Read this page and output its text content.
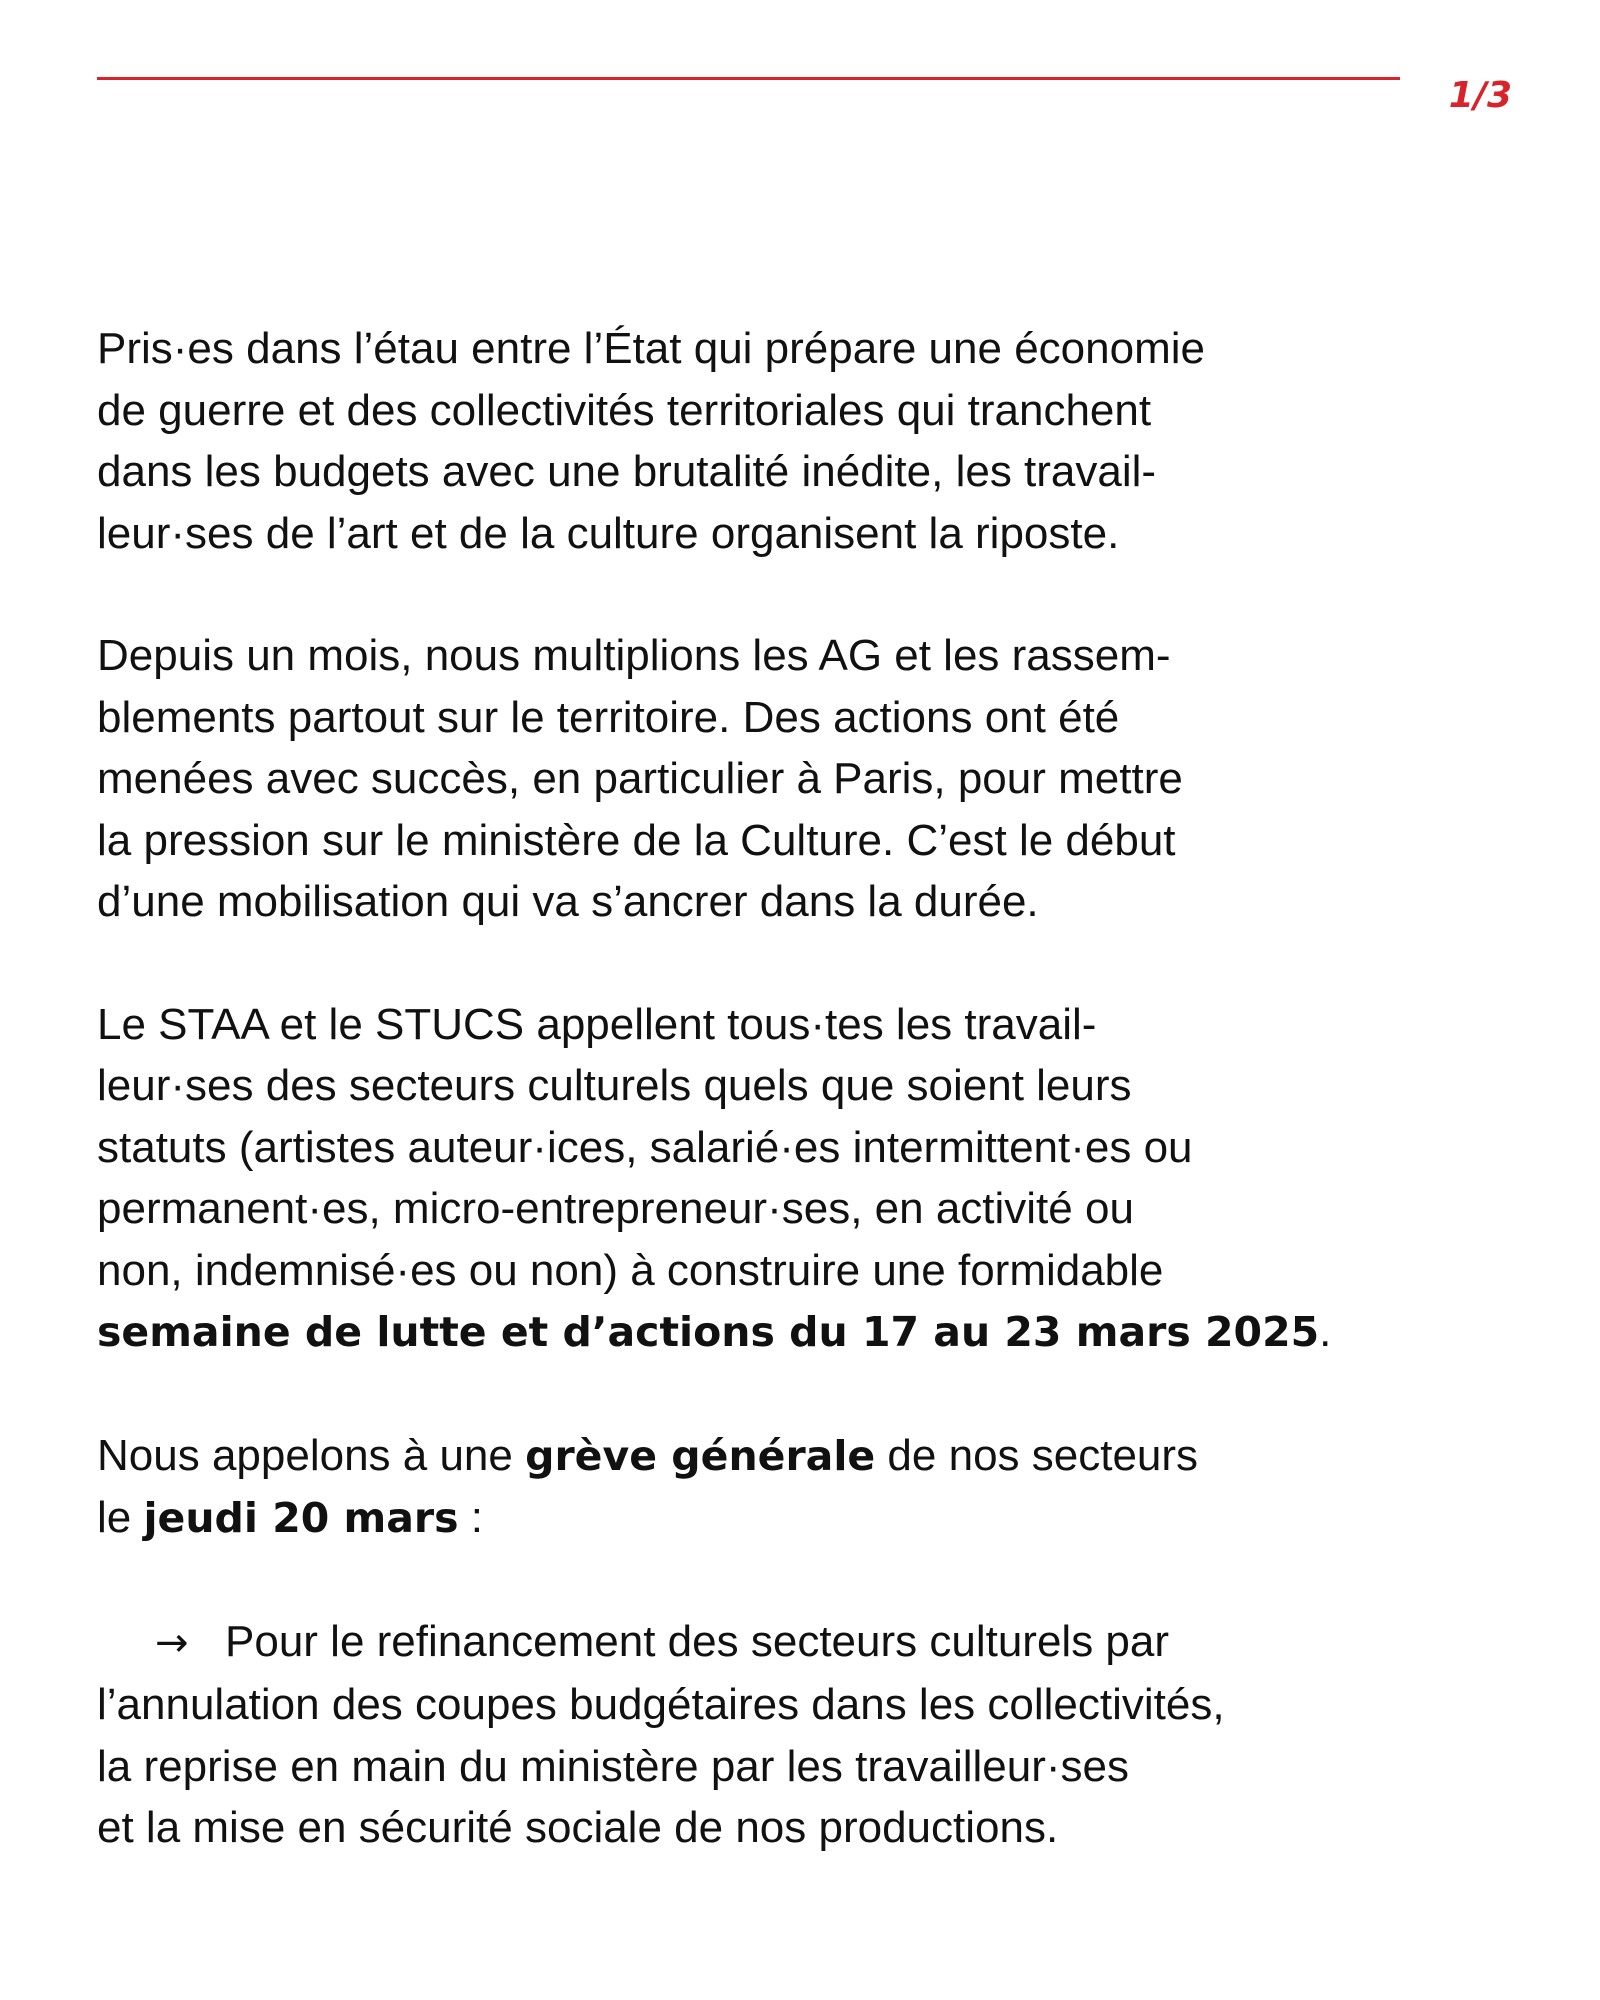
1/3

Pris·es dans l’étau entre l’État qui prépare une économie
de guerre et des collectivités territoriales qui tranchent
dans les budgets avec une brutalité inédite, les travail-
leur·ses de l’art et de la culture organisent la riposte.

Depuis un mois, nous multiplions les AG et les rassem-
blements partout sur le territoire. Des actions ont été
menées avec succès, en particulier à Paris, pour mettre
la pression sur le ministère de la Culture. C’est le début
d’une mobilisation qui va s’ancrer dans la durée.

Le STAA et le STUCS appellent tous·tes les travail-
leur·ses des secteurs culturels quels que soient leurs
statuts (artistes auteur·ices, salarié·es intermittent·es ou
permanent·es, micro-entrepreneur·ses, en activité ou
non, indemnisé·es ou non) à construire une formidable
semaine de lutte et d’actions du 17 au 23 mars 2025.

Nous appelons à une grève générale de nos secteurs
le jeudi 20 mars :

→ Pour le refinancement des secteurs culturels par
l’annulation des coupes budgétaires dans les collectivités,
la reprise en main du ministère par les travailleur·ses
et la mise en sécurité sociale de nos productions.
